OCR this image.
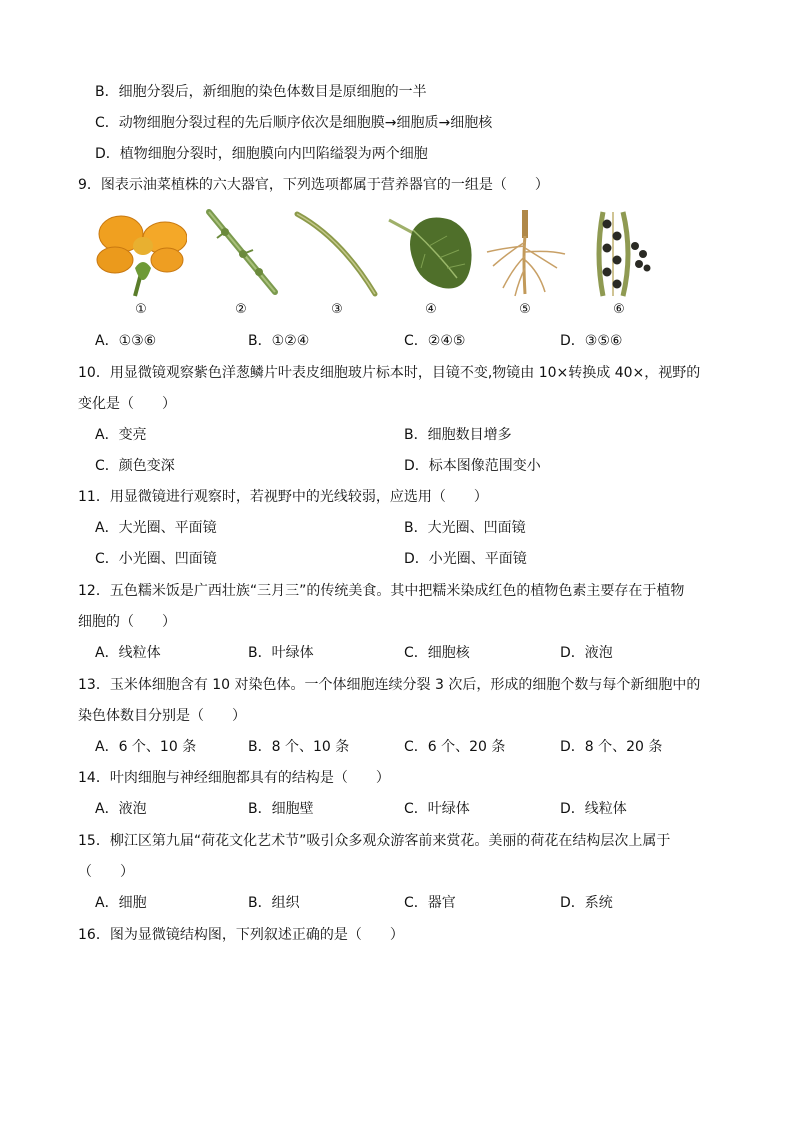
B．细胞分裂后，新细胞的染色体数目是原细胞的一半
C．动物细胞分裂过程的先后顺序依次是细胞膜→细胞质→细胞核
D．植物细胞分裂时，细胞膜向内凹陷缢裂为两个细胞
9．图表示油菜植株的六大器官，下列选项都属于营养器官的一组是（　　）
①	②	③	④	⑤	⑥
A．①③⑥	B．①②④	C．②④⑤	D．③⑤⑥
10．用显微镜观察紫色洋葱鳞片叶表皮细胞玻片标本时，目镜不变,物镜由 10×转换成 40×，视野的
变化是（　　）
A．变亮	B．细胞数目增多
C．颜色变深	D．标本图像范围变小
11．用显微镜进行观察时，若视野中的光线较弱，应选用（　　）
A．大光圈、平面镜	B．大光圈、凹面镜
C．小光圈、凹面镜	D．小光圈、平面镜
12．五色糯米饭是广西壮族“三月三”的传统美食。其中把糯米染成红色的植物色素主要存在于植物
细胞的（　　）
A．线粒体	B．叶绿体	C．细胞核	D．液泡
13．玉米体细胞含有 10 对染色体。一个体细胞连续分裂 3 次后，形成的细胞个数与每个新细胞中的
染色体数目分别是（　　）
A．6 个、10 条	B．8 个、10 条	C．6 个、20 条	D．8 个、20 条
14．叶肉细胞与神经细胞都具有的结构是（　　）
A．液泡	B．细胞壁	C．叶绿体	D．线粒体
15．柳江区第九届“荷花文化艺术节”吸引众多观众游客前来赏花。美丽的荷花在结构层次上属于
（　　）
A．细胞	B．组织	C．器官	D．系统
16．图为显微镜结构图，下列叙述正确的是（　　）
